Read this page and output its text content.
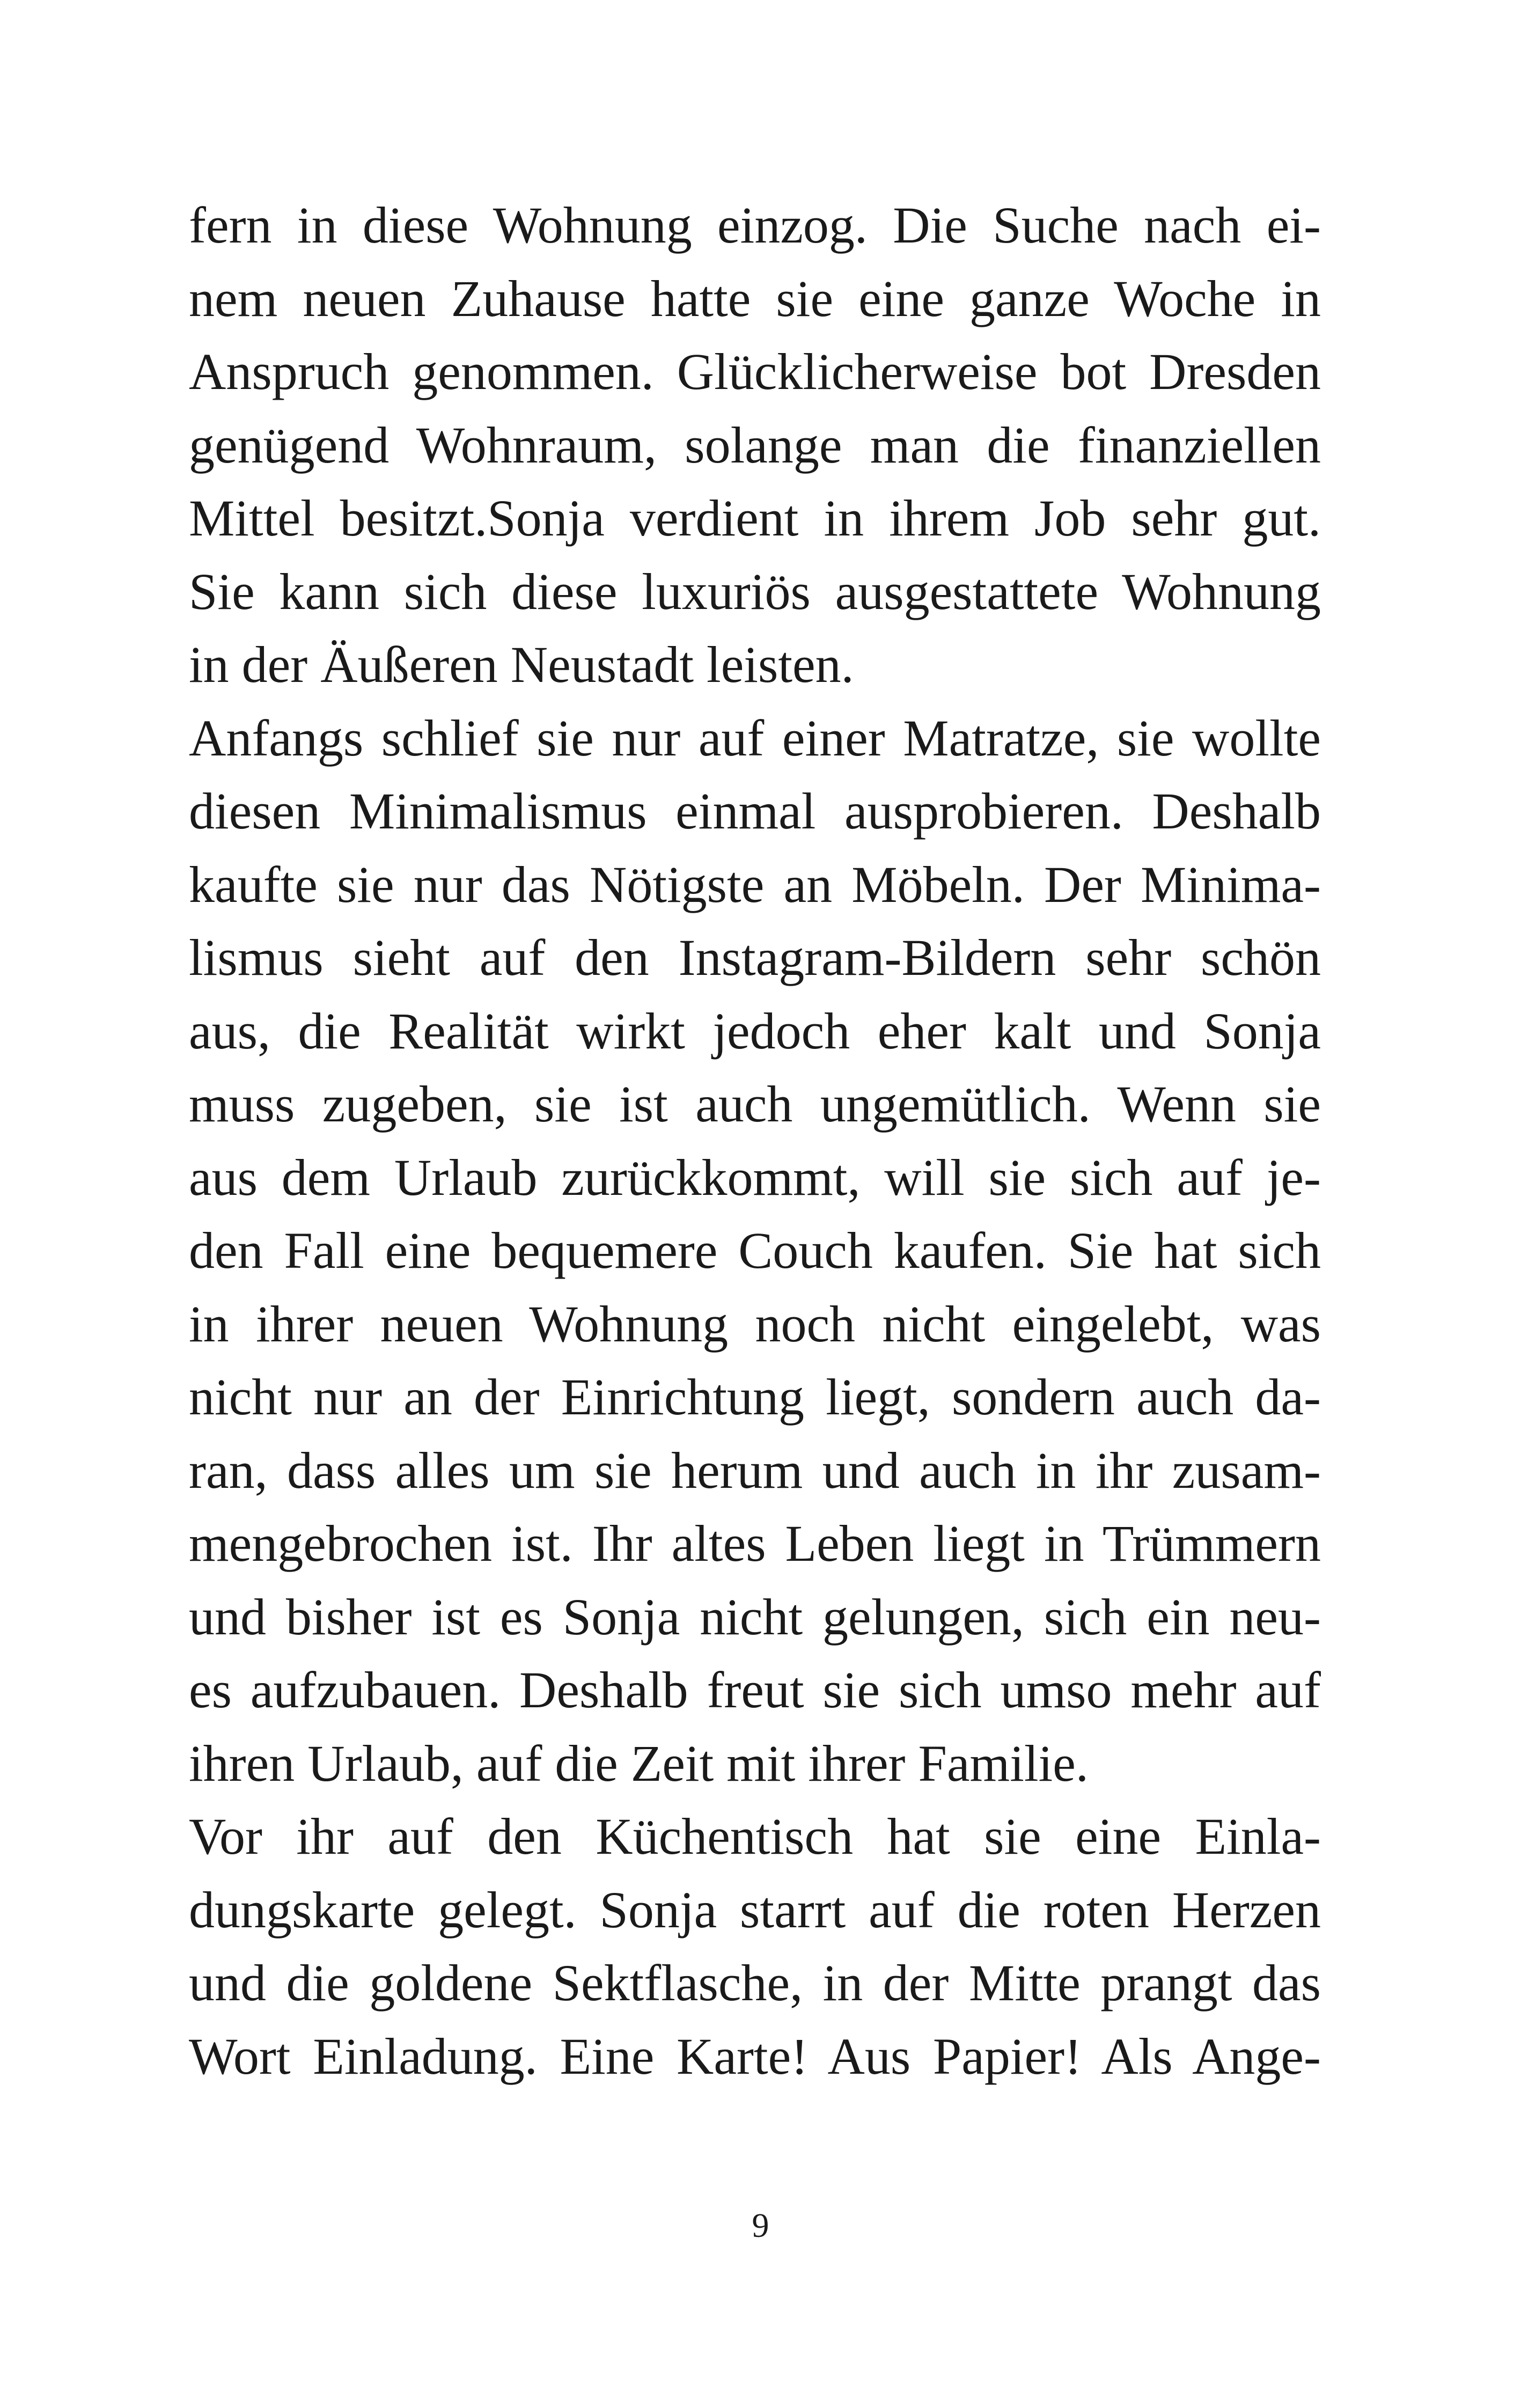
fern in diese Wohnung einzog. Die Suche nach ei-
nem neuen Zuhause hatte sie eine ganze Woche in
Anspruch genommen. Glücklicherweise bot Dresden
genügend Wohnraum, solange man die finanziellen
Mittel besitzt.Sonja verdient in ihrem Job sehr gut.
Sie kann sich diese luxuriös ausgestattete Wohnung
in der Äußeren Neustadt leisten.
Anfangs schlief sie nur auf einer Matratze, sie wollte
diesen Minimalismus einmal ausprobieren. Deshalb
kaufte sie nur das Nötigste an Möbeln. Der Minima-
lismus sieht auf den Instagram-Bildern sehr schön
aus, die Realität wirkt jedoch eher kalt und Sonja
muss zugeben, sie ist auch ungemütlich. Wenn sie
aus dem Urlaub zurückkommt, will sie sich auf je-
den Fall eine bequemere Couch kaufen. Sie hat sich
in ihrer neuen Wohnung noch nicht eingelebt, was
nicht nur an der Einrichtung liegt, sondern auch da-
ran, dass alles um sie herum und auch in ihr zusam-
mengebrochen ist. Ihr altes Leben liegt in Trümmern
und bisher ist es Sonja nicht gelungen, sich ein neu-
es aufzubauen. Deshalb freut sie sich umso mehr auf
ihren Urlaub, auf die Zeit mit ihrer Familie.
Vor ihr auf den Küchentisch hat sie eine Einla-
dungskarte gelegt. Sonja starrt auf die roten Herzen
und die goldene Sektflasche, in der Mitte prangt das
Wort Einladung. Eine Karte! Aus Papier! Als Ange-
9
